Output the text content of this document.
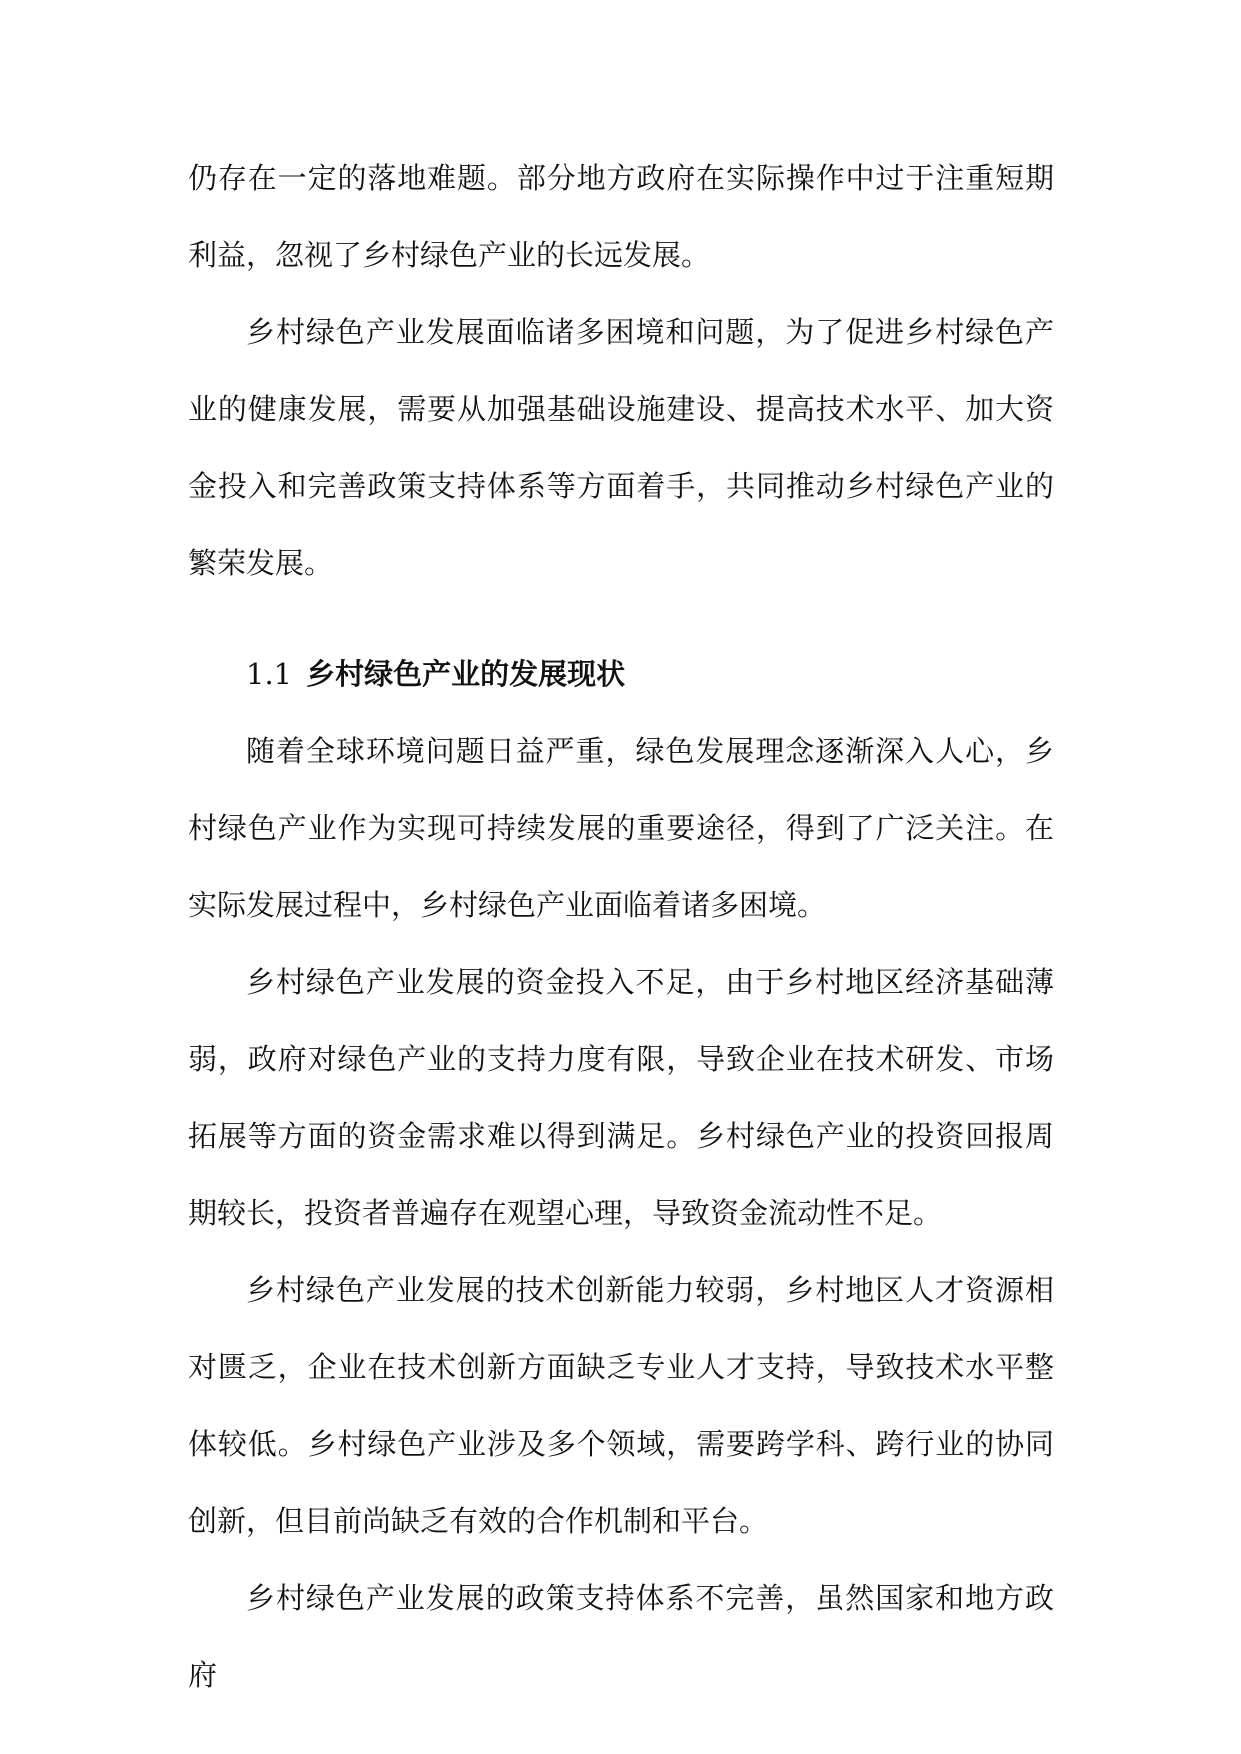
仍存在一定的落地难题。部分地方政府在实际操作中过于注重短期利益，忽视了乡村绿色产业的长远发展。

乡村绿色产业发展面临诸多困境和问题，为了促进乡村绿色产业的健康发展，需要从加强基础设施建设、提高技术水平、加大资金投入和完善政策支持体系等方面着手，共同推动乡村绿色产业的繁荣发展。

1.1 乡村绿色产业的发展现状

随着全球环境问题日益严重，绿色发展理念逐渐深入人心，乡村绿色产业作为实现可持续发展的重要途径，得到了广泛关注。在实际发展过程中，乡村绿色产业面临着诸多困境。

乡村绿色产业发展的资金投入不足，由于乡村地区经济基础薄弱，政府对绿色产业的支持力度有限，导致企业在技术研发、市场拓展等方面的资金需求难以得到满足。乡村绿色产业的投资回报周期较长，投资者普遍存在观望心理，导致资金流动性不足。

乡村绿色产业发展的技术创新能力较弱，乡村地区人才资源相对匮乏，企业在技术创新方面缺乏专业人才支持，导致技术水平整体较低。乡村绿色产业涉及多个领域，需要跨学科、跨行业的协同创新，但目前尚缺乏有效的合作机制和平台。

乡村绿色产业发展的政策支持体系不完善，虽然国家和地方政府
